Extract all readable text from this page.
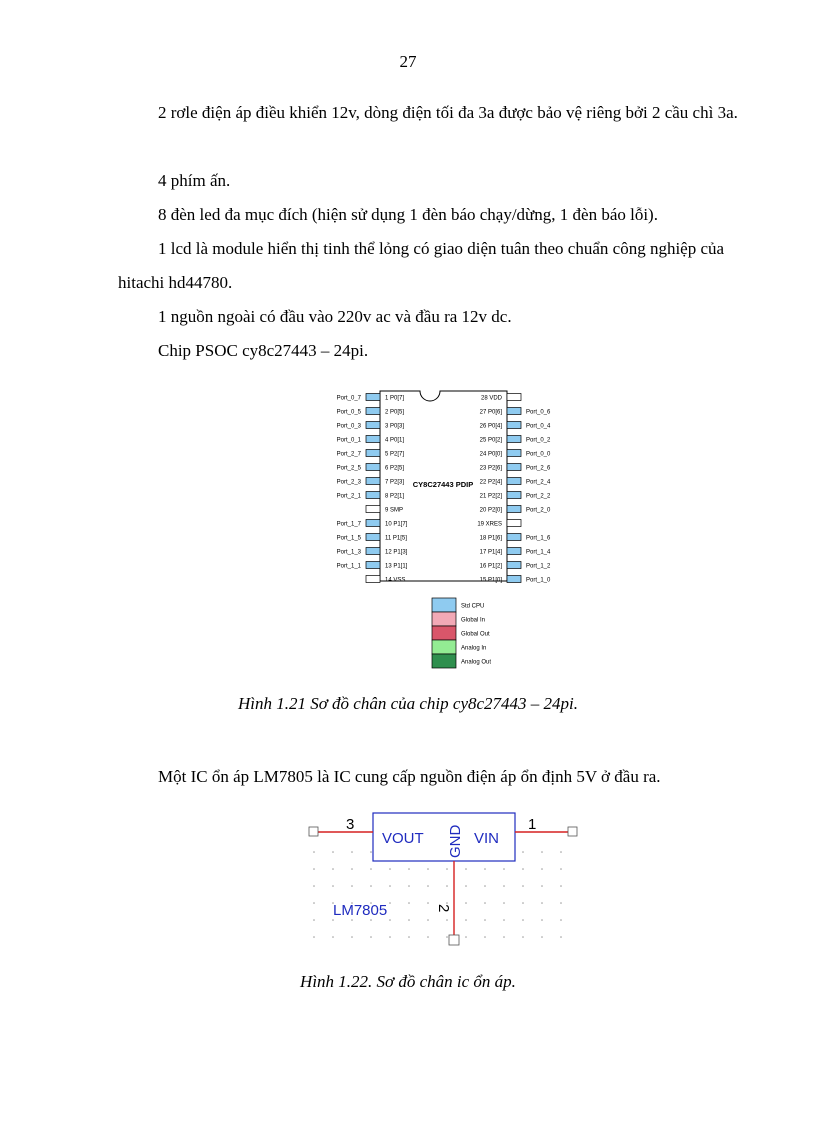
27

2 rơle điện áp điều khiển 12v, dòng điện tối đa 3a được bảo vệ riêng bởi 2 cầu chì 3a.

4 phím ấn.

8 đèn led đa mục đích (hiện sử dụng 1 đèn báo chạy/dừng, 1 đèn báo lỗi).

1 lcd là module hiển thị tinh thể lỏng có giao diện tuân theo chuẩn công nghiệp của hitachi hd44780.

1 nguồn ngoài có đầu vào 220v ac và đầu ra 12v dc.

Chip PSOC cy8c27443 – 24pi.

CY8C27443 PDIP
1 P0[7]
Port_0_7
2 P0[5]
Port_0_5
3 P0[3]
Port_0_3
4 P0[1]
Port_0_1
5 P2[7]
Port_2_7
6 P2[5]
Port_2_5
7 P2[3]
Port_2_3
8 P2[1]
Port_2_1
9 SMP
10 P1[7]
Port_1_7
11 P1[5]
Port_1_5
12 P1[3]
Port_1_3
13 P1[1]
Port_1_1
14 VSS
28 VDD
27 P0[6]	Port_0_6
26 P0[4]	Port_0_4
25 P0[2]	Port_0_2
24 P0[0]	Port_0_0
23 P2[6]	Port_2_6
22 P2[4]	Port_2_4
21 P2[2]	Port_2_2
20 P2[0]	Port_2_0
19 XRES
18 P1[6]	Port_1_6
17 P1[4]	Port_1_4
16 P1[2]	Port_1_2
15 P1[0]	Port_1_0
Std CPU
Global In
Global Out
Analog In
Analog Out
Hình 1.21 Sơ đồ chân của chip cy8c27443 – 24pi.

Một IC ổn áp LM7805 là IC cung cấp nguồn điện áp ổn định 5V ở đầu ra.

VOUT	VIN
GND
3	1
2
LM7805
Hình 1.22. Sơ đồ chân ic ổn áp.
